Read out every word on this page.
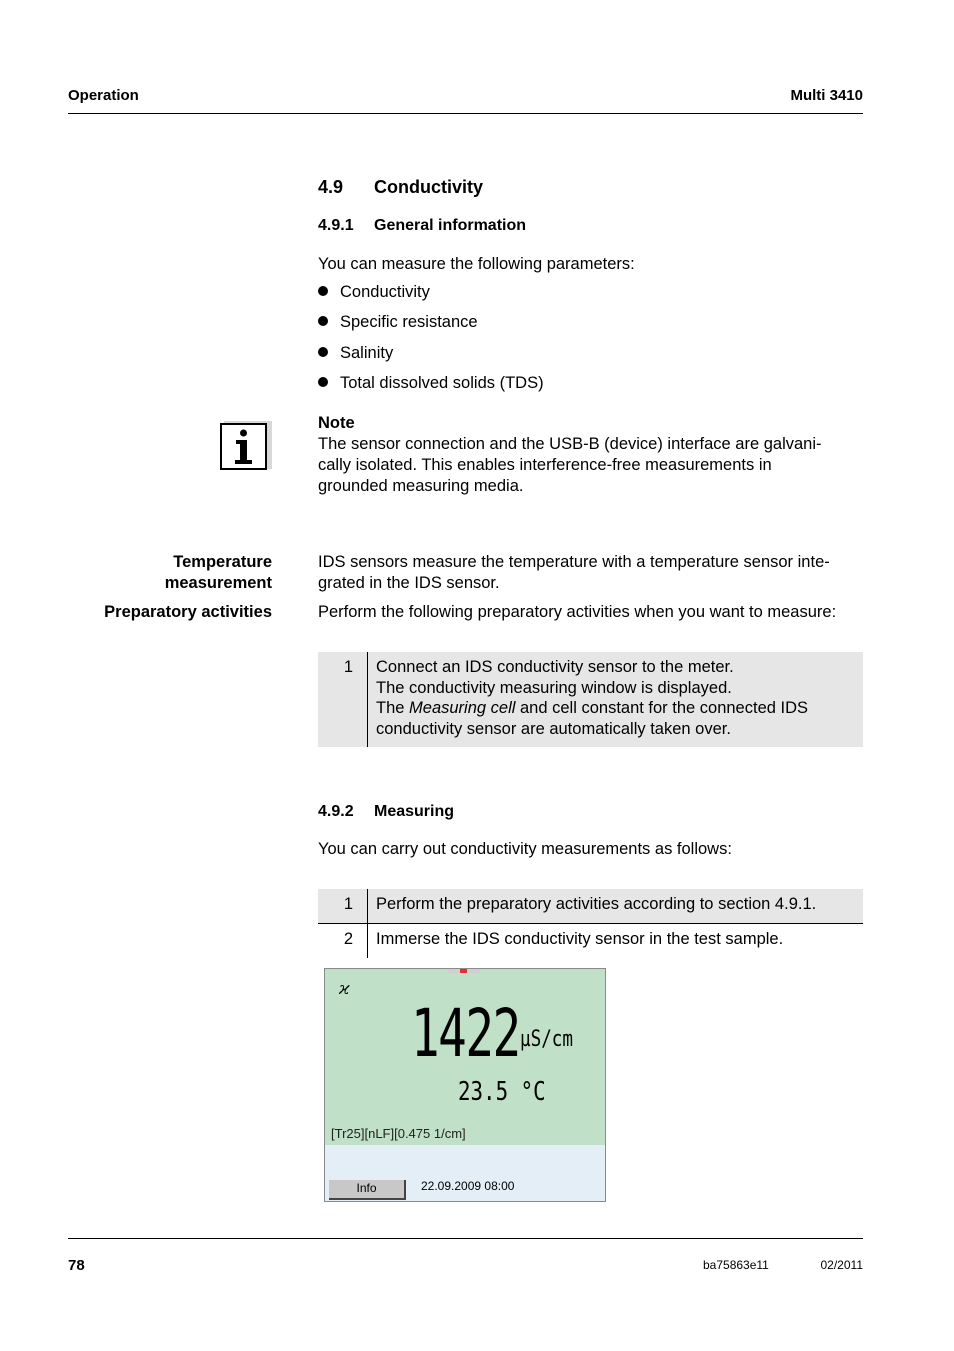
Operation	Multi 3410
4.9 Conductivity
4.9.1 General information
You can measure the following parameters:
Conductivity
Specific resistance
Salinity
Total dissolved solids (TDS)
Note
The sensor connection and the USB-B (device) interface are galvani-
cally isolated. This enables interference-free measurements in
grounded measuring media.
Temperature
measurement
IDS sensors measure the temperature with a temperature sensor inte-
grated in the IDS sensor.
Preparatory activities	Perform the following preparatory activities when you want to measure:
1	Connect an IDS conductivity sensor to the meter.
The conductivity measuring window is displayed.
The Measuring cell and cell constant for the connected IDS
conductivity sensor are automatically taken over.
4.9.2 Measuring
You can carry out conductivity measurements as follows:
1	Perform the preparatory activities according to section 4.9.1.
2	Immerse the IDS conductivity sensor in the test sample.
ϰ
1422 µS/cm
23.5 °C
[Tr25][nLF][0.475 1/cm]
Info	22.09.2009 08:00
78	ba75863e11	02/2011
